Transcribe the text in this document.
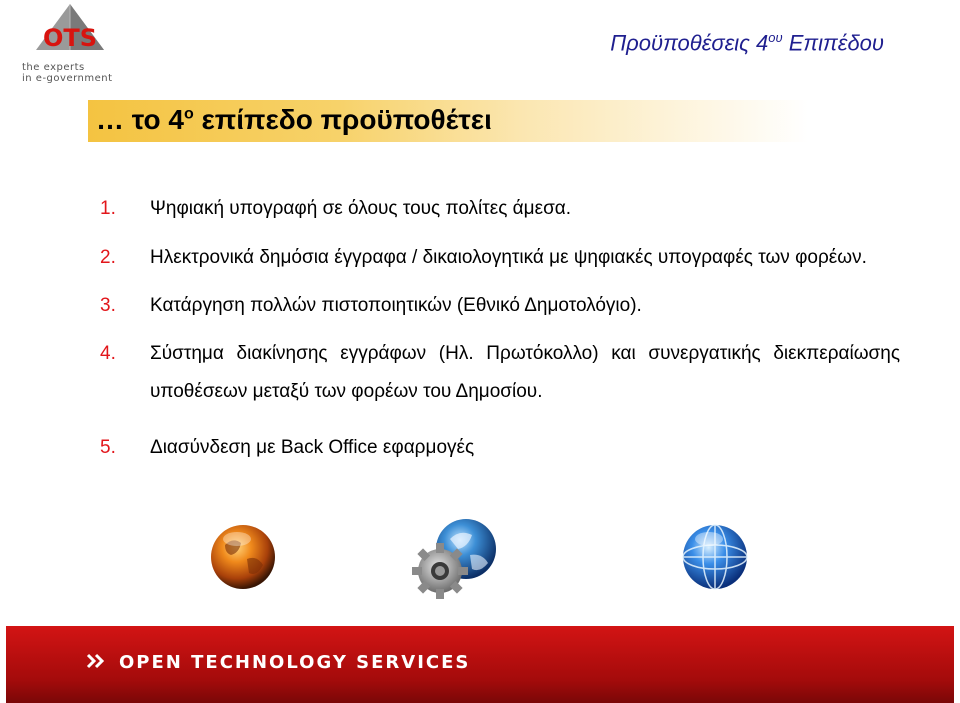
OTS
the experts
in e-government
Προϋποθέσεις $4^{o\upsilon}$ Επιπέδου
… το $4^o$ επίπεδο προϋποθέτει
1. Ψηφιακή υπογραφή σε όλους τους πολίτες άμεσα.
2. Ηλεκτρονικά δημόσια έγγραφα / δικαιολογητικά με ψηφιακές υπογραφές των φορέων.
3. Κατάργηση πολλών πιστοποιητικών (Εθνικό Δημοτολόγιο).
4. Σύστημα διακίνησης εγγράφων (Ηλ. Πρωτόκολλο) και συνεργατικής διεκπεραίωσης υποθέσεων μεταξύ των φορέων του Δημοσίου.
5. Διασύνδεση με Back Office εφαρμογές
OPEN TECHNOLOGY SERVICES
